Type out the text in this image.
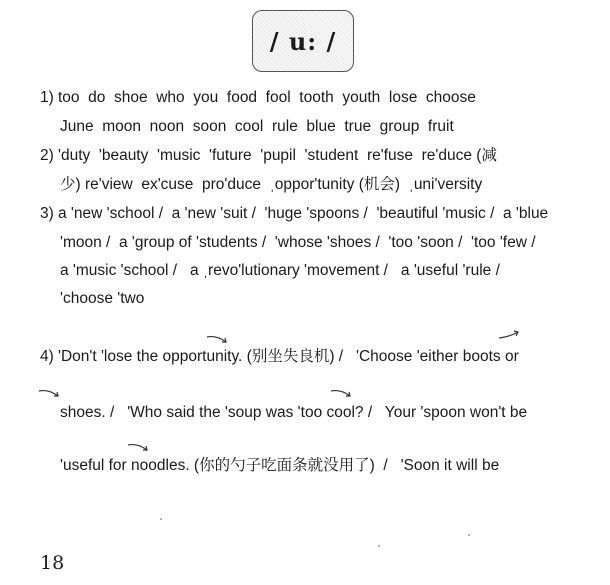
/ u: /
1) too  do  shoe  who  you  food  fool  tooth  youth  lose  choose
June  moon  noon  soon  cool  rule  blue  true  group  fruit
2) 'duty  'beauty  'music  'future  'pupil  'student  re'fuse  re'duce (减
少) re'view  ex'cuse  pro'duce  ˌoppor'tunity (机会)  ˌuni'versity
3) a 'new 'school /  a 'new 'suit /  'huge 'spoons /  'beautiful 'music /  a 'blue
'moon /  a 'group of 'students /  'whose 'shoes /  'too 'soon /  'too 'few /
a 'music 'school /   a ˌrevo'lutionary 'movement /   a 'useful 'rule /
'choose 'two
4) 'Don't 'lose the opportunity. (别坐失良机) /   'Choose 'either boots or
shoes. /   'Who said the 'soup was 'too cool? /   Your 'spoon won't be
'useful for noodles. (你的勺子吃面条就没用了)  /   'Soon it will be
18
